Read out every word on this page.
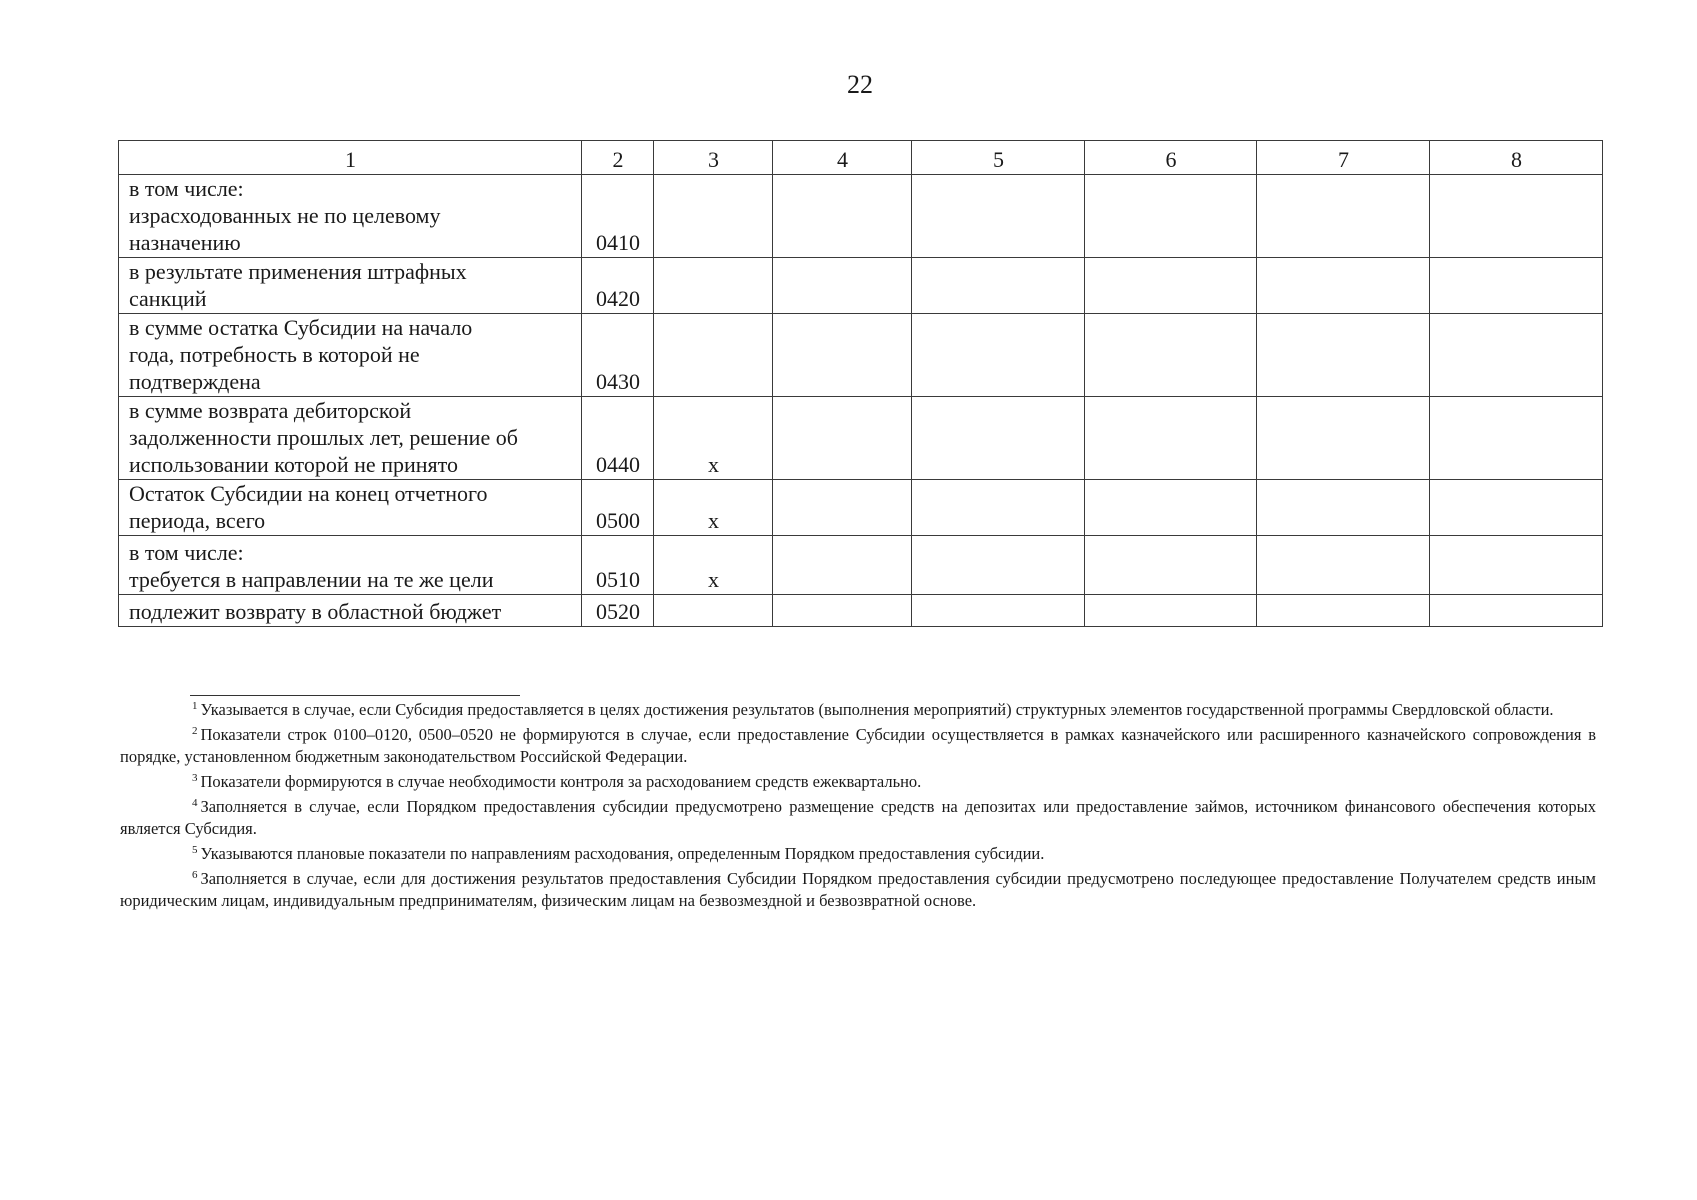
22
1	2	3	4	5	6	7	8

в том числе:
израсходованных не по целевому
назначению	0410						

в результате применения штрафных
санкций	0420						

в сумме остатка Субсидии на начало
года, потребность в которой не
подтверждена	0430						

в сумме возврата дебиторской
задолженности прошлых лет, решение об
использовании которой не принято	0440	х					

Остаток Субсидии на конец отчетного
периода, всего	0500	х					

в том числе:
требуется в направлении на те же цели	0510	х					

подлежит возврату в областной бюджет	0520						

$^1$ Указывается в случае, если Субсидия предоставляется в целях достижения результатов (выполнения мероприятий) структурных элементов государственной программы Свердловской области.

$^2$ Показатели строк 0100–0120, 0500–0520 не формируются в случае, если предоставление Субсидии осуществляется в рамках казначейского или расширенного казначейского сопровождения в порядке, установленном бюджетным законодательством Российской Федерации.

$^3$ Показатели формируются в случае необходимости контроля за расходованием средств ежеквартально.

$^4$ Заполняется в случае, если Порядком предоставления субсидии предусмотрено размещение средств на депозитах или предоставление займов, источником финансового обеспечения которых является Субсидия.

$^5$ Указываются плановые показатели по направлениям расходования, определенным Порядком предоставления субсидии.

$^6$ Заполняется в случае, если для достижения результатов предоставления Субсидии Порядком предоставления субсидии предусмотрено последующее предоставление Получателем средств иным юридическим лицам, индивидуальным предпринимателям, физическим лицам на безвозмездной и безвозвратной основе.
